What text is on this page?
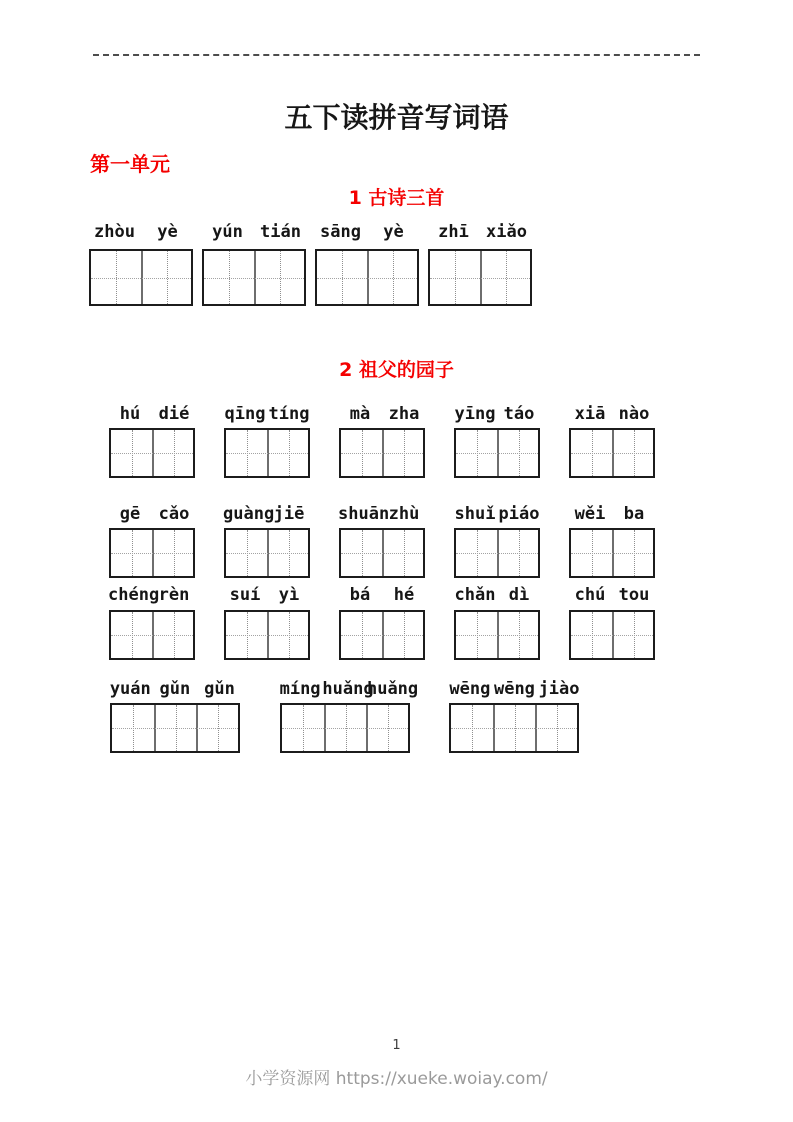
五下读拼音写词语
第一单元
1 古诗三首
zhòu	yè	yún	tián	sāng	yè	zhī	xiǎo
2 祖父的园子
hú	dié	qīng tíng	mà	zha	yīng táo	xiā nào
gē	cǎo	guàng jiē	shuān zhù	shuǐ piáo	wěi	ba
chéng rèn	suí	yì	bá	hé	chǎn dì	chú tou
yuán gǔn gǔn	míng huǎng
huǎng wēng wēng jiào
1
小学资源网 https://xueke.woiay.com/
